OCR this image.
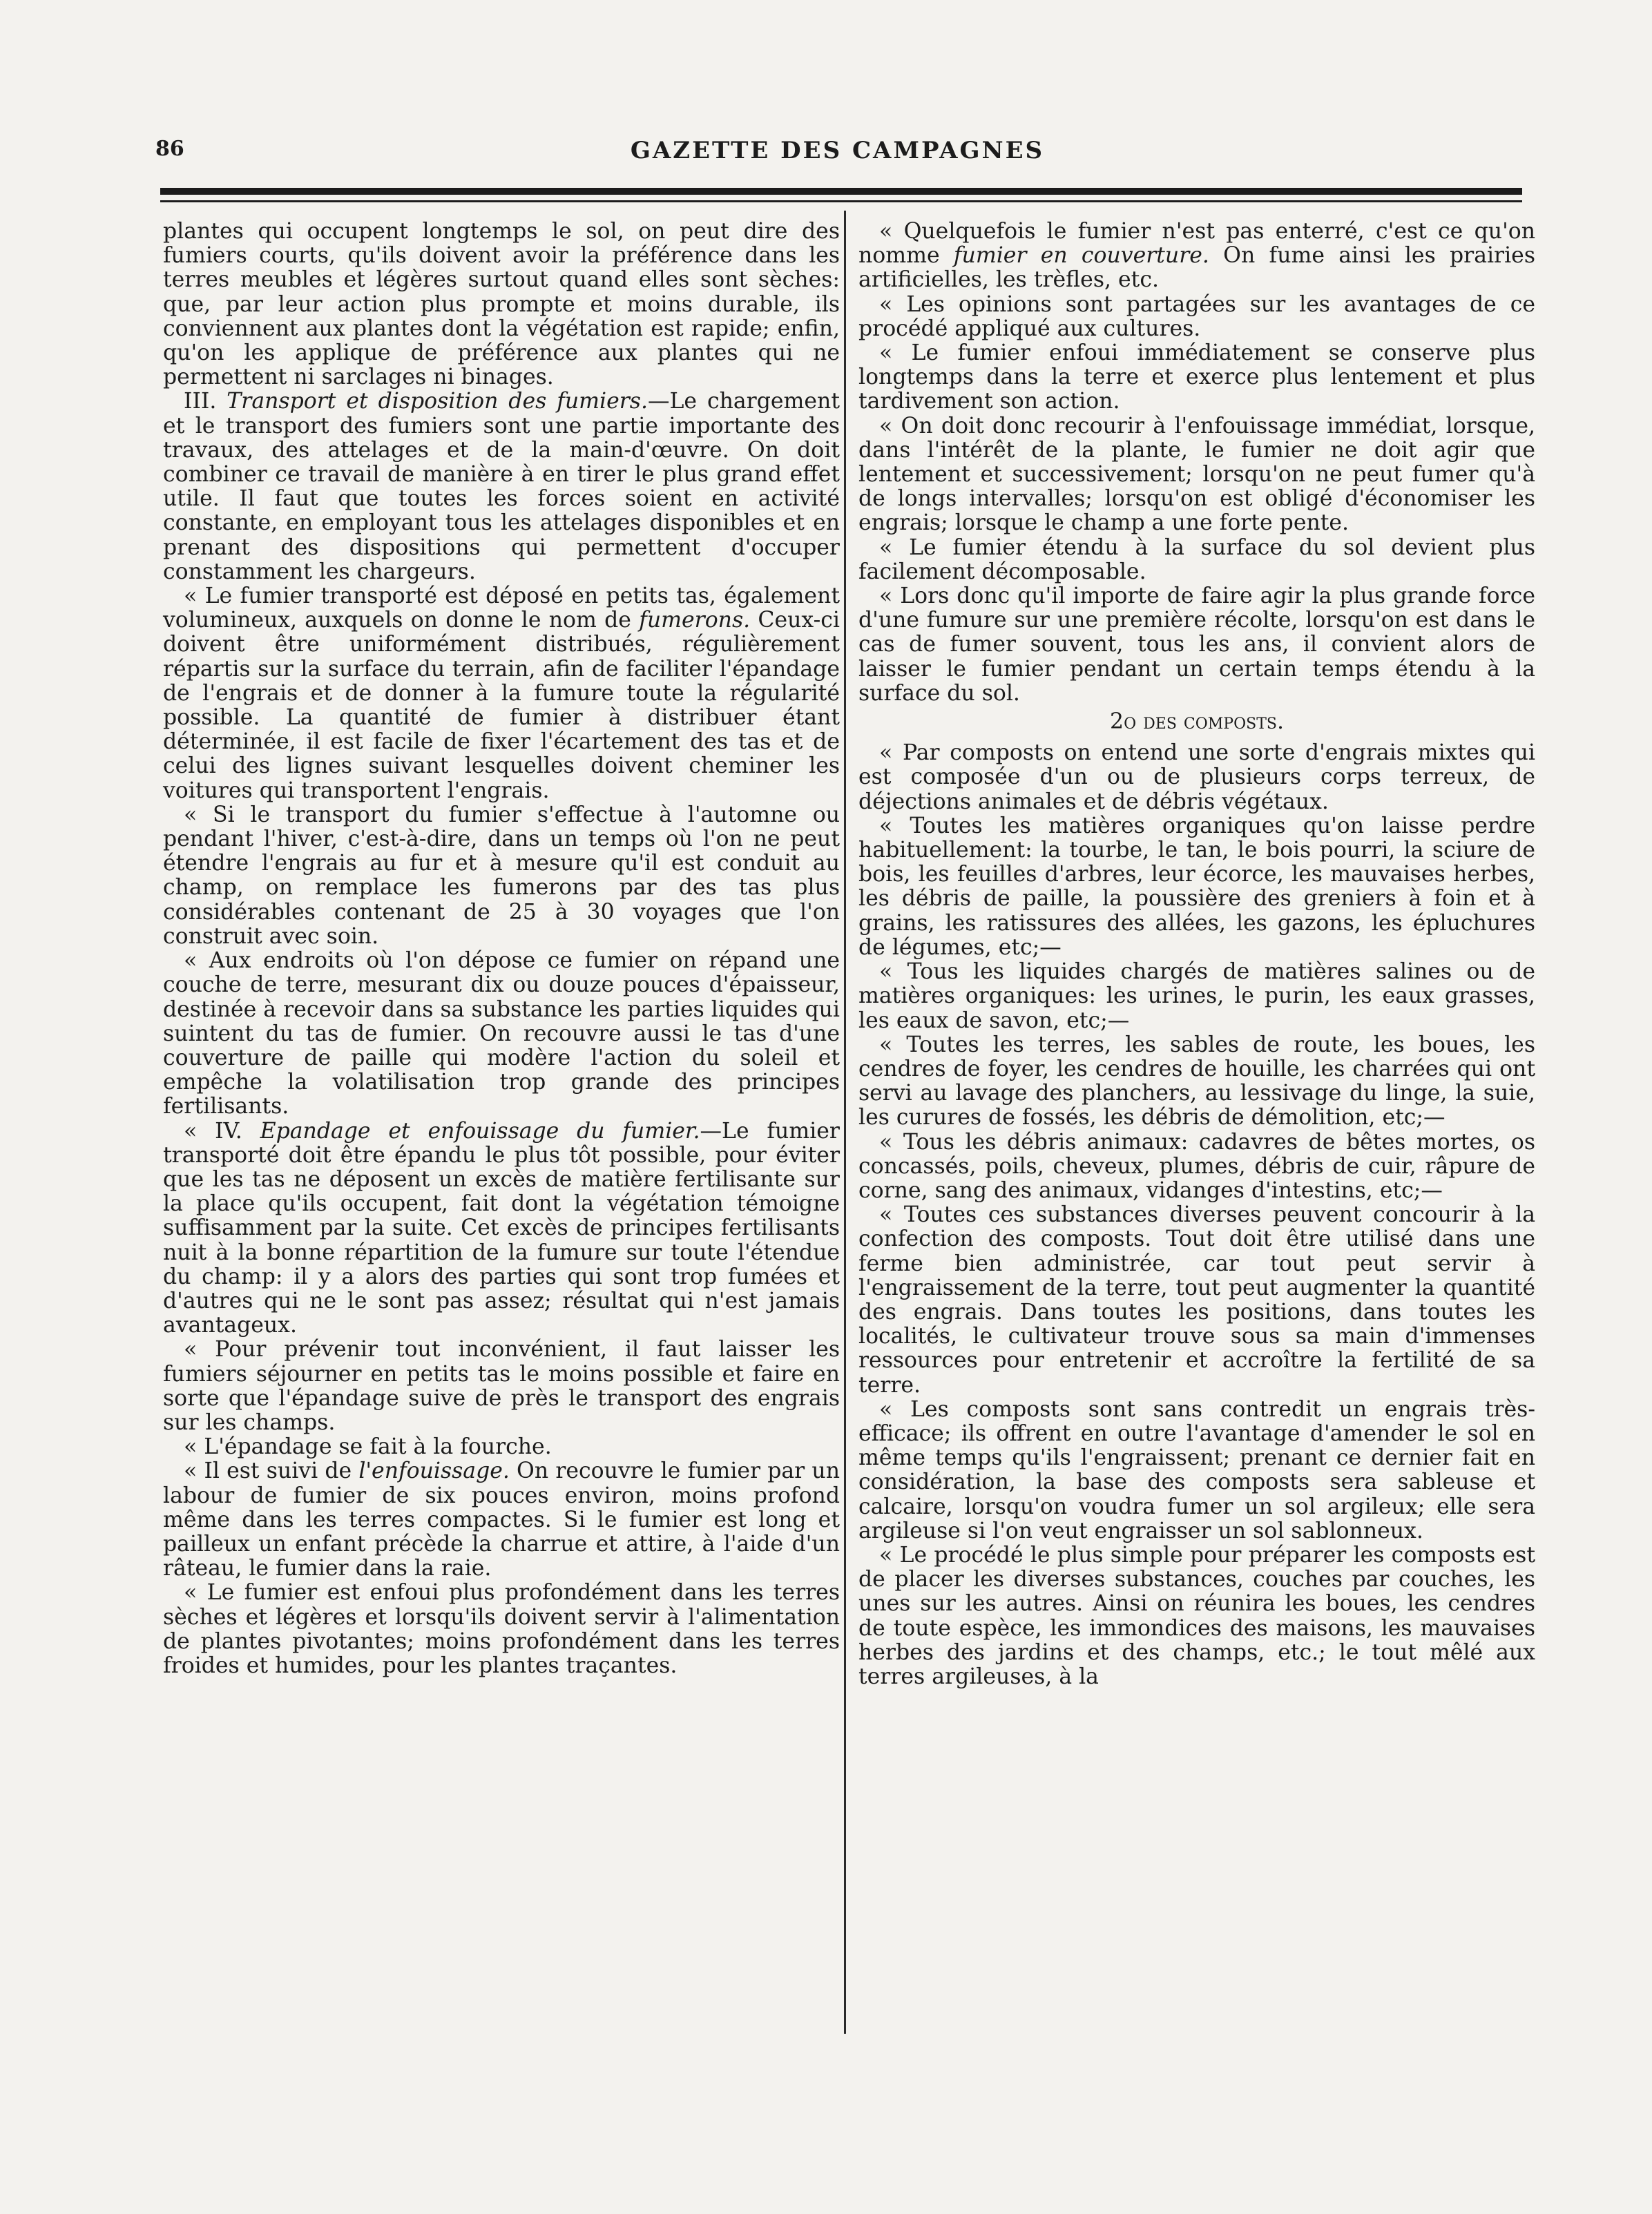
86	GAZETTE DES CAMPAGNES

plantes qui occupent longtemps le sol, on peut dire des fumiers courts, qu'ils doivent avoir la préférence dans les terres meubles et légères surtout quand elles sont sèches: que, par leur action plus prompte et moins durable, ils conviennent aux plantes dont la végétation est rapide; enfin, qu'on les applique de préférence aux plantes qui ne permettent ni sarclages ni binages.

III. Transport et disposition des fumiers.—Le chargement et le transport des fumiers sont une partie importante des travaux, des attelages et de la main-d'œuvre. On doit combiner ce travail de manière à en tirer le plus grand effet utile. Il faut que toutes les forces soient en activité constante, en employant tous les attelages disponibles et en prenant des dispositions qui permettent d'occuper constamment les chargeurs.

« Le fumier transporté est déposé en petits tas, également volumineux, auxquels on donne le nom de fumerons. Ceux-ci doivent être uniformément distribués, régulièrement répartis sur la surface du terrain, afin de faciliter l'épandage de l'engrais et de donner à la fumure toute la régularité possible. La quantité de fumier à distribuer étant déterminée, il est facile de fixer l'écartement des tas et de celui des lignes suivant lesquelles doivent cheminer les voitures qui transportent l'engrais.

« Si le transport du fumier s'effectue à l'automne ou pendant l'hiver, c'est-à-dire, dans un temps où l'on ne peut étendre l'engrais au fur et à mesure qu'il est conduit au champ, on remplace les fumerons par des tas plus considérables contenant de 25 à 30 voyages que l'on construit avec soin.

« Aux endroits où l'on dépose ce fumier on répand une couche de terre, mesurant dix ou douze pouces d'épaisseur, destinée à recevoir dans sa substance les parties liquides qui suintent du tas de fumier. On recouvre aussi le tas d'une couverture de paille qui modère l'action du soleil et empêche la volatilisation trop grande des principes fertilisants.

« IV. Epandage et enfouissage du fumier.—Le fumier transporté doit être épandu le plus tôt possible, pour éviter que les tas ne déposent un excès de matière fertilisante sur la place qu'ils occupent, fait dont la végétation témoigne suffisamment par la suite. Cet excès de principes fertilisants nuit à la bonne répartition de la fumure sur toute l'étendue du champ: il y a alors des parties qui sont trop fumées et d'autres qui ne le sont pas assez; résultat qui n'est jamais avantageux.

« Pour prévenir tout inconvénient, il faut laisser les fumiers séjourner en petits tas le moins possible et faire en sorte que l'épandage suive de près le transport des engrais sur les champs.

« L'épandage se fait à la fourche.

« Il est suivi de l'enfouissage. On recouvre le fumier par un labour de fumier de six pouces environ, moins profond même dans les terres compactes. Si le fumier est long et pailleux un enfant précède la charrue et attire, à l'aide d'un râteau, le fumier dans la raie.

« Le fumier est enfoui plus profondément dans les terres sèches et légères et lorsqu'ils doivent servir à l'alimentation de plantes pivotantes; moins profondément dans les terres froides et humides, pour les plantes traçantes.

« Quelquefois le fumier n'est pas enterré, c'est ce qu'on nomme fumier en couverture. On fume ainsi les prairies artificielles, les trèfles, etc.

« Les opinions sont partagées sur les avantages de ce procédé appliqué aux cultures.

« Le fumier enfoui immédiatement se conserve plus longtemps dans la terre et exerce plus lentement et plus tardivement son action.

« On doit donc recourir à l'enfouissage immédiat, lorsque, dans l'intérêt de la plante, le fumier ne doit agir que lentement et successivement; lorsqu'on ne peut fumer qu'à de longs intervalles; lorsqu'on est obligé d'économiser les engrais; lorsque le champ a une forte pente.

« Le fumier étendu à la surface du sol devient plus facilement décomposable.

« Lors donc qu'il importe de faire agir la plus grande force d'une fumure sur une première récolte, lorsqu'on est dans le cas de fumer souvent, tous les ans, il convient alors de laisser le fumier pendant un certain temps étendu à la surface du sol.

2o des composts.

« Par composts on entend une sorte d'engrais mixtes qui est composée d'un ou de plusieurs corps terreux, de déjections animales et de débris végétaux.

« Toutes les matières organiques qu'on laisse perdre habituellement: la tourbe, le tan, le bois pourri, la sciure de bois, les feuilles d'arbres, leur écorce, les mauvaises herbes, les débris de paille, la poussière des greniers à foin et à grains, les ratissures des allées, les gazons, les épluchures de légumes, etc;—

« Tous les liquides chargés de matières salines ou de matières organiques: les urines, le purin, les eaux grasses, les eaux de savon, etc;—

« Toutes les terres, les sables de route, les boues, les cendres de foyer, les cendres de houille, les charrées qui ont servi au lavage des planchers, au lessivage du linge, la suie, les curures de fossés, les débris de démolition, etc;—

« Tous les débris animaux: cadavres de bêtes mortes, os concassés, poils, cheveux, plumes, débris de cuir, râpure de corne, sang des animaux, vidanges d'intestins, etc;—

« Toutes ces substances diverses peuvent concourir à la confection des composts. Tout doit être utilisé dans une ferme bien administrée, car tout peut servir à l'engraissement de la terre, tout peut augmenter la quantité des engrais. Dans toutes les positions, dans toutes les localités, le cultivateur trouve sous sa main d'immenses ressources pour entretenir et accroître la fertilité de sa terre.

« Les composts sont sans contredit un engrais très-efficace; ils offrent en outre l'avantage d'amender le sol en même temps qu'ils l'engraissent; prenant ce dernier fait en considération, la base des composts sera sableuse et calcaire, lorsqu'on voudra fumer un sol argileux; elle sera argileuse si l'on veut engraisser un sol sablonneux.

« Le procédé le plus simple pour préparer les composts est de placer les diverses substances, couches par couches, les unes sur les autres. Ainsi on réunira les boues, les cendres de toute espèce, les immondices des maisons, les mauvaises herbes des jardins et des champs, etc.; le tout mêlé aux terres argileuses, à la
